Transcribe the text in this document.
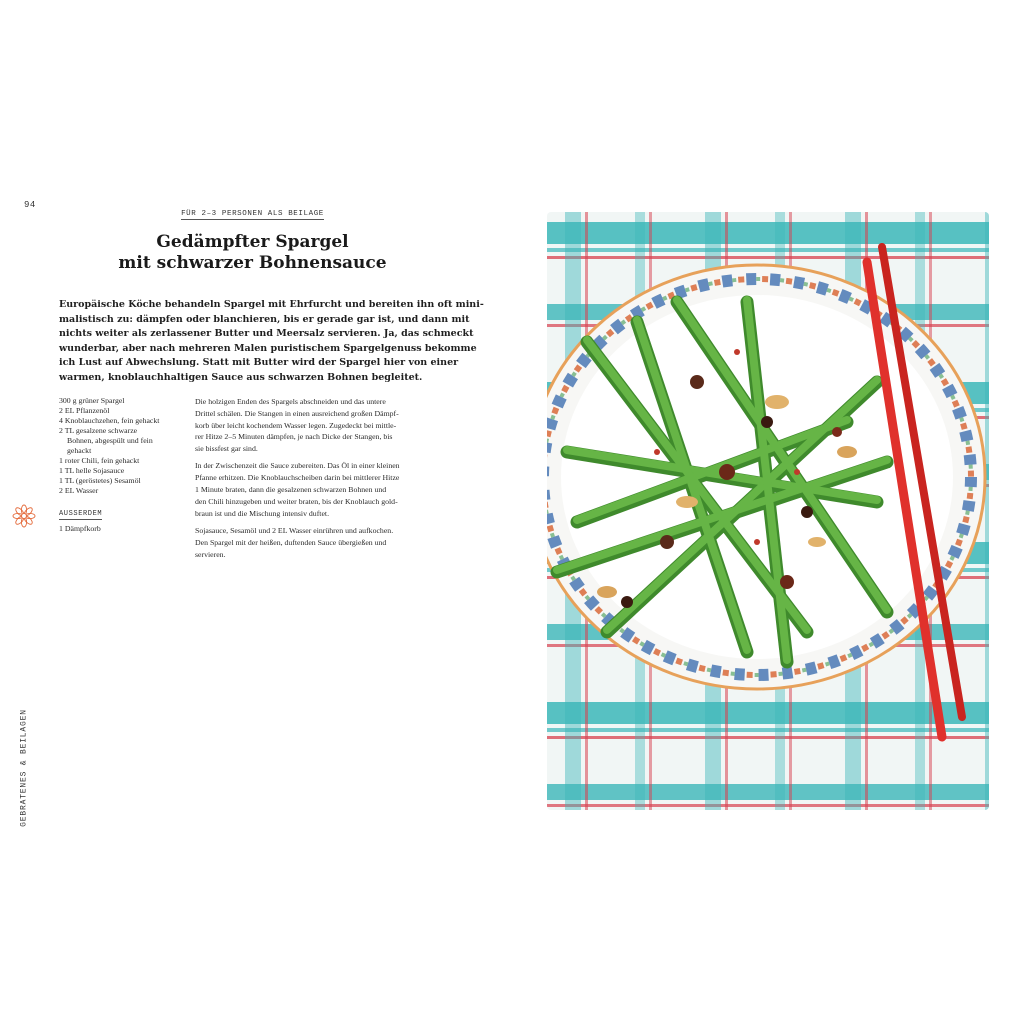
94
GEBRATENES & BEILAGEN
FÜR 2–3 PERSONEN ALS BEILAGE
Gedämpfter Spargel
mit schwarzer Bohnensauce

Europäische Köche behandeln Spargel mit Ehrfurcht und bereiten ihn oft mini-
malistisch zu: dämpfen oder blanchieren, bis er gerade gar ist, und dann mit
nichts weiter als zerlassener Butter und Meersalz servieren. Ja, das schmeckt
wunderbar, aber nach mehreren Malen puristischem Spargelgenuss bekomme
ich Lust auf Abwechslung. Statt mit Butter wird der Spargel hier von einer
warmen, knoblauchhaltigen Sauce aus schwarzen Bohnen begleitet.

300 g grüner Spargel
2 EL Pflanzenöl
4 Knoblauchzehen, fein gehackt
2 TL gesalzene schwarze
Bohnen, abgespült und fein
gehackt
1 roter Chili, fein gehackt
1 TL helle Sojasauce
1 TL (geröstetes) Sesamöl
2 EL Wasser
AUSSERDEM
1 Dämpfkorb

Die holzigen Enden des Spargels abschneiden und das untere
Drittel schälen. Die Stangen in einen ausreichend großen Dämpf-
korb über leicht kochendem Wasser legen. Zugedeckt bei mittle-
rer Hitze 2–5 Minuten dämpfen, je nach Dicke der Stangen, bis
sie bissfest gar sind.

In der Zwischenzeit die Sauce zubereiten. Das Öl in einer kleinen
Pfanne erhitzen. Die Knoblauchscheiben darin bei mittlerer Hitze
1 Minute braten, dann die gesalzenen schwarzen Bohnen und
den Chili hinzugeben und weiter braten, bis der Knoblauch gold-
braun ist und die Mischung intensiv duftet.

Sojasauce, Sesamöl und 2 EL Wasser einrühren und aufkochen.
Den Spargel mit der heißen, duftenden Sauce übergießen und
servieren.
